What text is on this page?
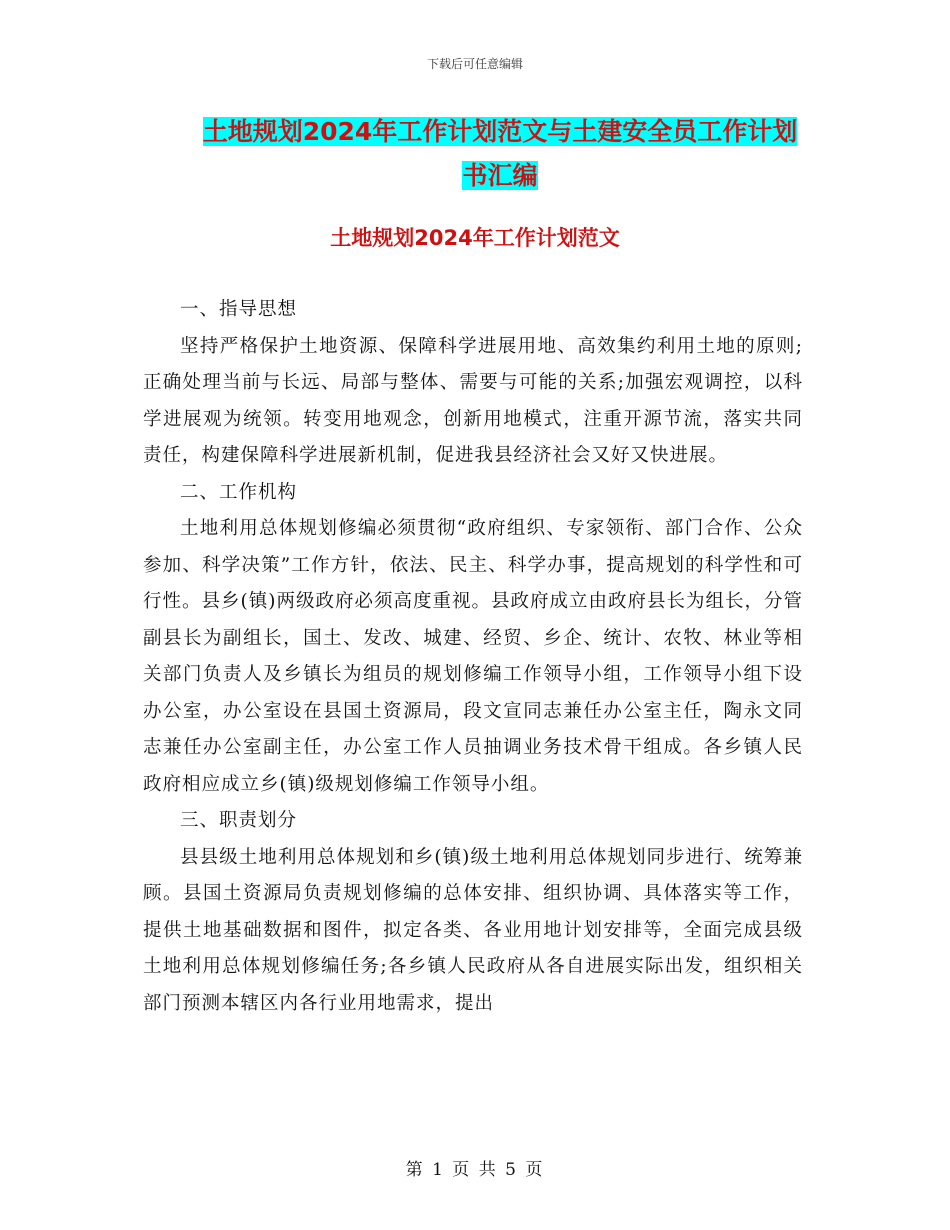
下载后可任意编辑
土地规划2024年工作计划范文与土建安全员工作计划
书汇编
土地规划2024年工作计划范文

一、指导思想

坚持严格保护土地资源、保障科学进展用地、高效集约利用土地的原则;正确处理当前与长远、局部与整体、需要与可能的关系;加强宏观调控，以科学进展观为统领。转变用地观念，创新用地模式，注重开源节流，落实共同责任，构建保障科学进展新机制，促进我县经济社会又好又快进展。

二、工作机构

土地利用总体规划修编必须贯彻“政府组织、专家领衔、部门合作、公众参加、科学决策”工作方针，依法、民主、科学办事，提高规划的科学性和可行性。县乡(镇)两级政府必须高度重视。县政府成立由政府县长为组长，分管副县长为副组长，国土、发改、城建、经贸、乡企、统计、农牧、林业等相关部门负责人及乡镇长为组员的规划修编工作领导小组，工作领导小组下设办公室，办公室设在县国土资源局，段文宣同志兼任办公室主任，陶永文同志兼任办公室副主任，办公室工作人员抽调业务技术骨干组成。各乡镇人民政府相应成立乡(镇)级规划修编工作领导小组。

三、职责划分

县县级土地利用总体规划和乡(镇)级土地利用总体规划同步进行、统筹兼顾。县国土资源局负责规划修编的总体安排、组织协调、具体落实等工作，提供土地基础数据和图件，拟定各类、各业用地计划安排等，全面完成县级土地利用总体规划修编任务;各乡镇人民政府从各自进展实际出发，组织相关部门预测本辖区内各行业用地需求，提出

第 1 页 共 5 页
